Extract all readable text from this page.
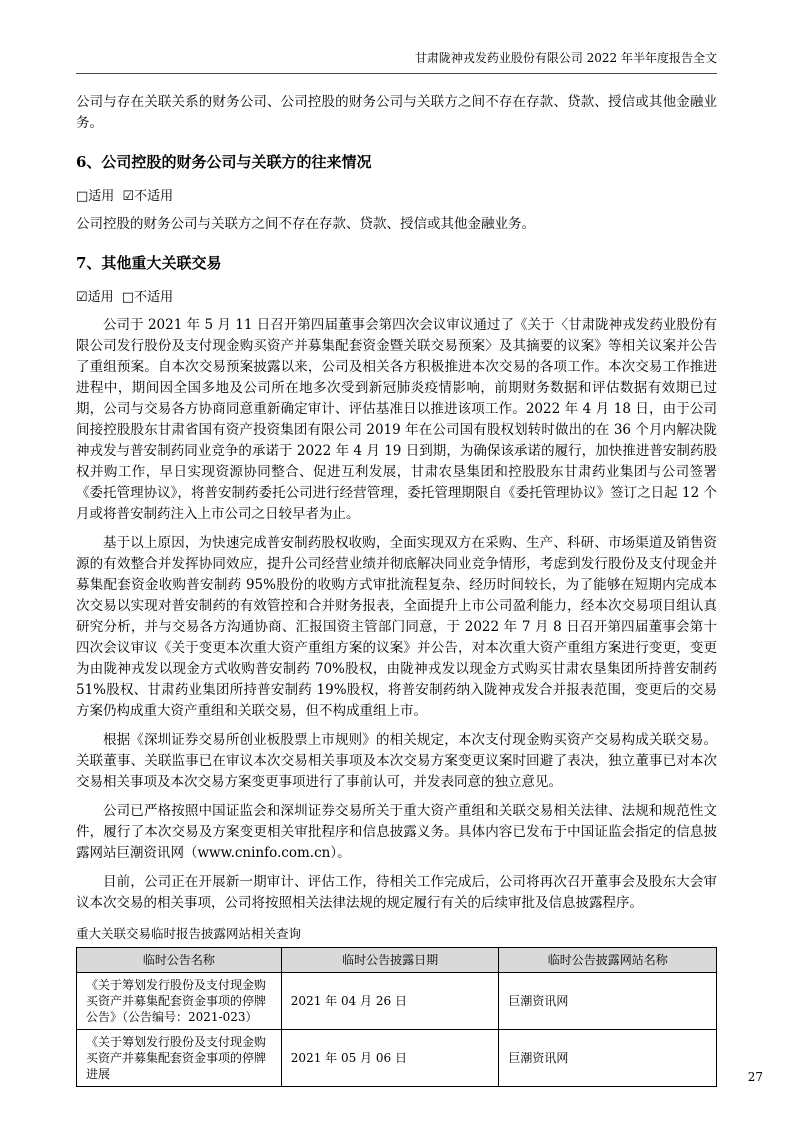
甘肃陇神戎发药业股份有限公司 2022 年半年度报告全文

公司与存在关联关系的财务公司、公司控股的财务公司与关联方之间不存在存款、贷款、授信或其他金融业务。

6、公司控股的财务公司与关联方的往来情况

□适用 ☑不适用

公司控股的财务公司与关联方之间不存在存款、贷款、授信或其他金融业务。

7、其他重大关联交易

☑适用 □不适用

公司于 2021 年 5 月 11 日召开第四届董事会第四次会议审议通过了《关于〈甘肃陇神戎发药业股份有限公司发行股份及支付现金购买资产并募集配套资金暨关联交易预案〉及其摘要的议案》等相关议案并公告了重组预案。自本次交易预案披露以来，公司及相关各方积极推进本次交易的各项工作。本次交易工作推进进程中，期间因全国多地及公司所在地多次受到新冠肺炎疫情影响，前期财务数据和评估数据有效期已过期，公司与交易各方协商同意重新确定审计、评估基准日以推进该项工作。2022 年 4 月 18 日，由于公司间接控股股东甘肃省国有资产投资集团有限公司 2019 年在公司国有股权划转时做出的在 36 个月内解决陇神戎发与普安制药同业竞争的承诺于 2022 年 4 月 19 日到期，为确保该承诺的履行，加快推进普安制药股权并购工作，早日实现资源协同整合、促进互利发展，甘肃农垦集团和控股股东甘肃药业集团与公司签署《委托管理协议》，将普安制药委托公司进行经营管理，委托管理期限自《委托管理协议》签订之日起 12 个月或将普安制药注入上市公司之日较早者为止。

基于以上原因，为快速完成普安制药股权收购，全面实现双方在采购、生产、科研、市场渠道及销售资源的有效整合并发挥协同效应，提升公司经营业绩并彻底解决同业竞争情形，考虑到发行股份及支付现金并募集配套资金收购普安制药 95%股份的收购方式审批流程复杂、经历时间较长，为了能够在短期内完成本次交易以实现对普安制药的有效管控和合并财务报表，全面提升上市公司盈利能力，经本次交易项目组认真研究分析，并与交易各方沟通协商、汇报国资主管部门同意，于 2022 年 7 月 8 日召开第四届董事会第十四次会议审议《关于变更本次重大资产重组方案的议案》并公告，对本次重大资产重组方案进行变更，变更为由陇神戎发以现金方式收购普安制药 70%股权，由陇神戎发以现金方式购买甘肃农垦集团所持普安制药 51%股权、甘肃药业集团所持普安制药 19%股权，将普安制药纳入陇神戎发合并报表范围，变更后的交易方案仍构成重大资产重组和关联交易，但不构成重组上市。

根据《深圳证券交易所创业板股票上市规则》的相关规定，本次支付现金购买资产交易构成关联交易。关联董事、关联监事已在审议本次交易相关事项及本次交易方案变更议案时回避了表决，独立董事已对本次交易相关事项及本次交易方案变更事项进行了事前认可，并发表同意的独立意见。

公司已严格按照中国证监会和深圳证券交易所关于重大资产重组和关联交易相关法律、法规和规范性文件，履行了本次交易及方案变更相关审批程序和信息披露义务。具体内容已发布于中国证监会指定的信息披露网站巨潮资讯网（www.cninfo.com.cn）。

目前，公司正在开展新一期审计、评估工作，待相关工作完成后，公司将再次召开董事会及股东大会审议本次交易的相关事项，公司将按照相关法律法规的规定履行有关的后续审批及信息披露程序。

重大关联交易临时报告披露网站相关查询

临时公告名称	临时公告披露日期	临时公告披露网站名称
《关于筹划发行股份及支付现金购买资产并募集配套资金事项的停牌公告》（公告编号：2021-023）	2021 年 04 月 26 日	巨潮资讯网
《关于筹划发行股份及支付现金购买资产并募集配套资金事项的停牌进展	2021 年 05 月 06 日	巨潮资讯网
27
